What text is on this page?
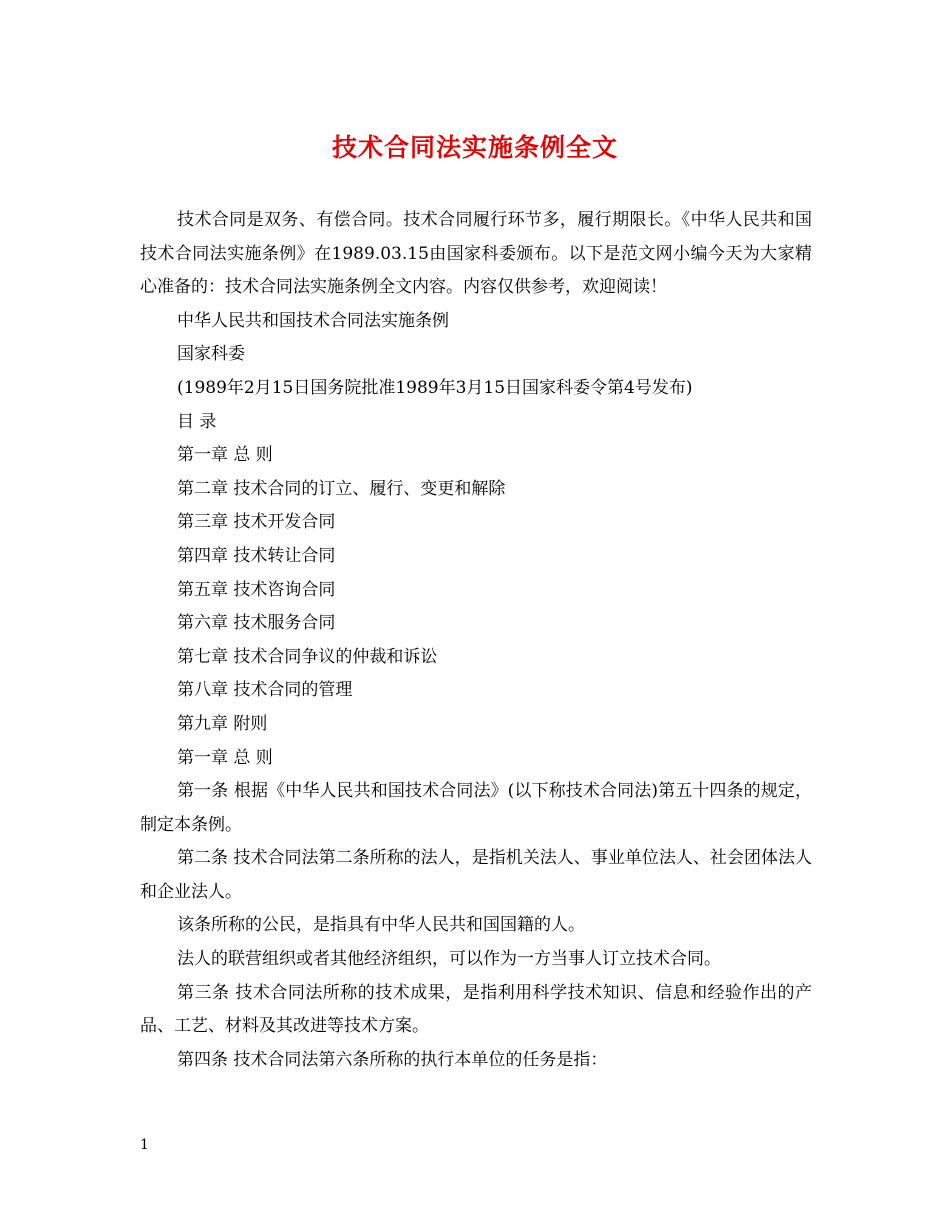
技术合同法实施条例全文

技术合同是双务、有偿合同。技术合同履行环节多，履行期限长。《中华人民共和国技术合同法实施条例》在1989.03.15由国家科委颁布。以下是范文网小编今天为大家精心准备的：技术合同法实施条例全文内容。内容仅供参考，欢迎阅读！

中华人民共和国技术合同法实施条例

国家科委

(1989年2月15日国务院批准1989年3月15日国家科委令第4号发布)

目 录

第一章 总 则

第二章 技术合同的订立、履行、变更和解除

第三章 技术开发合同

第四章 技术转让合同

第五章 技术咨询合同

第六章 技术服务合同

第七章 技术合同争议的仲裁和诉讼

第八章 技术合同的管理

第九章 附则

第一章 总 则

第一条 根据《中华人民共和国技术合同法》(以下称技术合同法)第五十四条的规定，制定本条例。

第二条 技术合同法第二条所称的法人，是指机关法人、事业单位法人、社会团体法人和企业法人。

该条所称的公民，是指具有中华人民共和国国籍的人。

法人的联营组织或者其他经济组织，可以作为一方当事人订立技术合同。

第三条 技术合同法所称的技术成果，是指利用科学技术知识、信息和经验作出的产品、工艺、材料及其改进等技术方案。

第四条 技术合同法第六条所称的执行本单位的任务是指：

1
